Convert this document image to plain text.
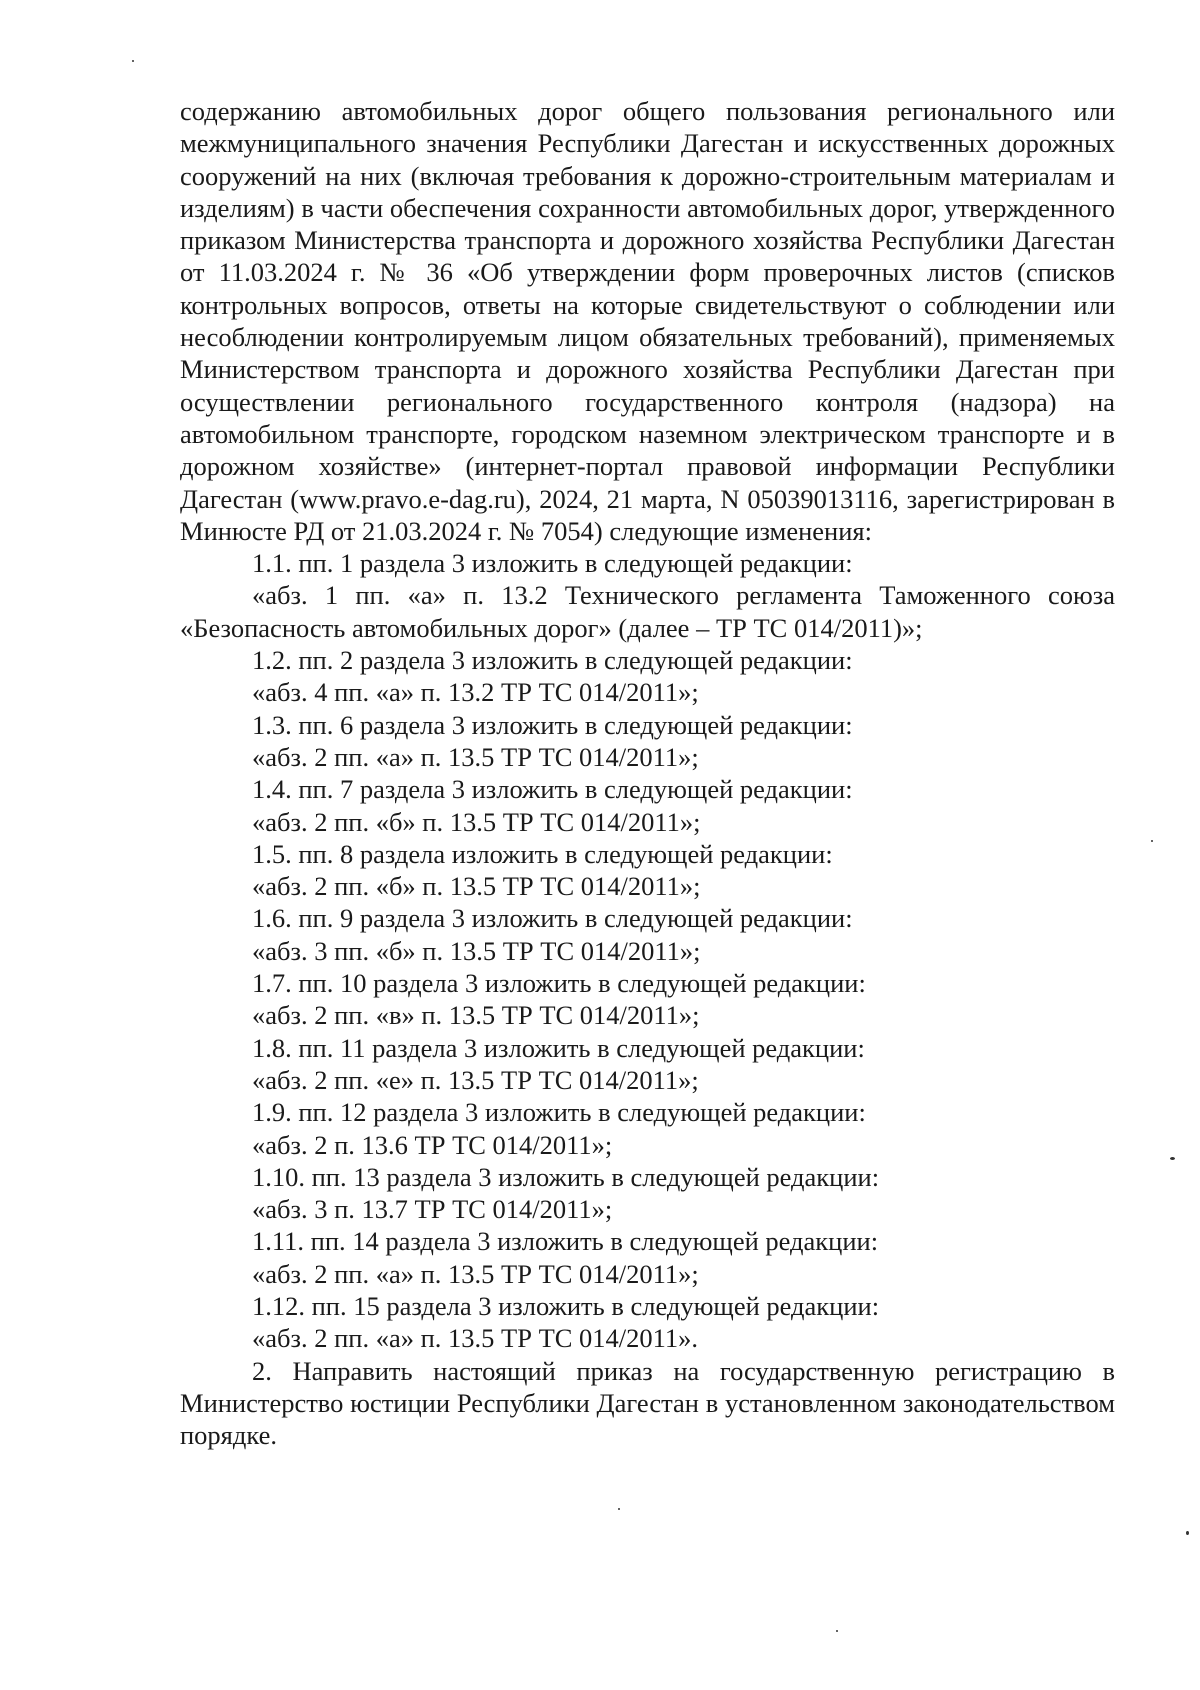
содержанию автомобильных дорог общего пользования регионального или межмуниципального значения Республики Дагестан и искусственных дорожных сооружений на них (включая требования к дорожно-строительным материалам и изделиям) в части обеспечения сохранности автомобильных дорог, утвержденного приказом Министерства транспорта и дорожного хозяйства Республики Дагестан от 11.03.2024 г. № 36 «Об утверждении форм проверочных листов (списков контрольных вопросов, ответы на которые свидетельствуют о соблюдении или несоблюдении контролируемым лицом обязательных требований), применяемых Министерством транспорта и дорожного хозяйства Республики Дагестан при осуществлении регионального государственного контроля (надзора) на автомобильном транспорте, городском наземном электрическом транспорте и в дорожном хозяйстве» (интернет-портал правовой информации Республики Дагестан (www.pravo.e-dag.ru), 2024, 21 марта, N 05039013116, зарегистрирован в Минюсте РД от 21.03.2024 г. № 7054) следующие изменения:

1.1. пп. 1 раздела 3 изложить в следующей редакции:

«абз. 1 пп. «а» п. 13.2 Технического регламента Таможенного союза «Безопасность автомобильных дорог» (далее – ТР ТС 014/2011)»;

1.2. пп. 2 раздела 3 изложить в следующей редакции:

«абз. 4 пп. «а» п. 13.2 ТР ТС 014/2011»;

1.3. пп. 6 раздела 3 изложить в следующей редакции:

«абз. 2 пп. «а» п. 13.5 ТР ТС 014/2011»;

1.4. пп. 7 раздела 3 изложить в следующей редакции:

«абз. 2 пп. «б» п. 13.5 ТР ТС 014/2011»;

1.5. пп. 8 раздела изложить в следующей редакции:

«абз. 2 пп. «б» п. 13.5 ТР ТС 014/2011»;

1.6. пп. 9 раздела 3 изложить в следующей редакции:

«абз. 3 пп. «б» п. 13.5 ТР ТС 014/2011»;

1.7. пп. 10 раздела 3 изложить в следующей редакции:

«абз. 2 пп. «в» п. 13.5 ТР ТС 014/2011»;

1.8. пп. 11 раздела 3 изложить в следующей редакции:

«абз. 2 пп. «е» п. 13.5 ТР ТС 014/2011»;

1.9. пп. 12 раздела 3 изложить в следующей редакции:

«абз. 2 п. 13.6 ТР ТС 014/2011»;

1.10. пп. 13 раздела 3 изложить в следующей редакции:

«абз. 3 п. 13.7 ТР ТС 014/2011»;

1.11. пп. 14 раздела 3 изложить в следующей редакции:

«абз. 2 пп. «а» п. 13.5 ТР ТС 014/2011»;

1.12. пп. 15 раздела 3 изложить в следующей редакции:

«абз. 2 пп. «а» п. 13.5 ТР ТС 014/2011».

2. Направить настоящий приказ на государственную регистрацию в Министерство юстиции Республики Дагестан в установленном законодательством порядке.
